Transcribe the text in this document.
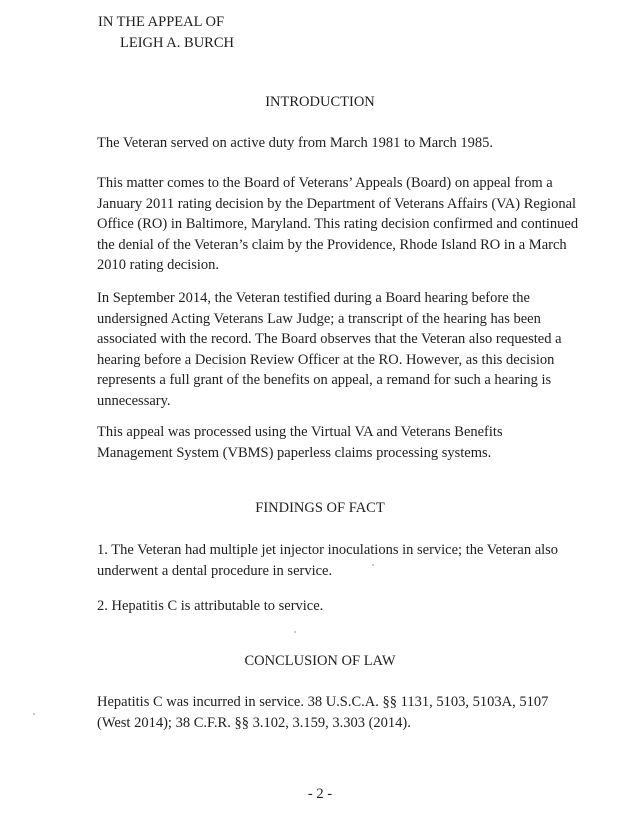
IN THE APPEAL OF
LEIGH A. BURCH
INTRODUCTION
The Veteran served on active duty from March 1981 to March 1985.
This matter comes to the Board of Veterans’ Appeals (Board) on appeal from a
January 2011 rating decision by the Department of Veterans Affairs (VA) Regional
Office (RO) in Baltimore, Maryland. This rating decision confirmed and continued
the denial of the Veteran’s claim by the Providence, Rhode Island RO in a March
2010 rating decision.
In September 2014, the Veteran testified during a Board hearing before the
undersigned Acting Veterans Law Judge; a transcript of the hearing has been
associated with the record. The Board observes that the Veteran also requested a
hearing before a Decision Review Officer at the RO. However, as this decision
represents a full grant of the benefits on appeal, a remand for such a hearing is
unnecessary.
This appeal was processed using the Virtual VA and Veterans Benefits
Management System (VBMS) paperless claims processing systems.
FINDINGS OF FACT
1. The Veteran had multiple jet injector inoculations in service; the Veteran also
underwent a dental procedure in service.
2. Hepatitis C is attributable to service.
CONCLUSION OF LAW
Hepatitis C was incurred in service. 38 U.S.C.A. §§ 1131, 5103, 5103A, 5107
(West 2014); 38 C.F.R. §§ 3.102, 3.159, 3.303 (2014).
- 2 -
